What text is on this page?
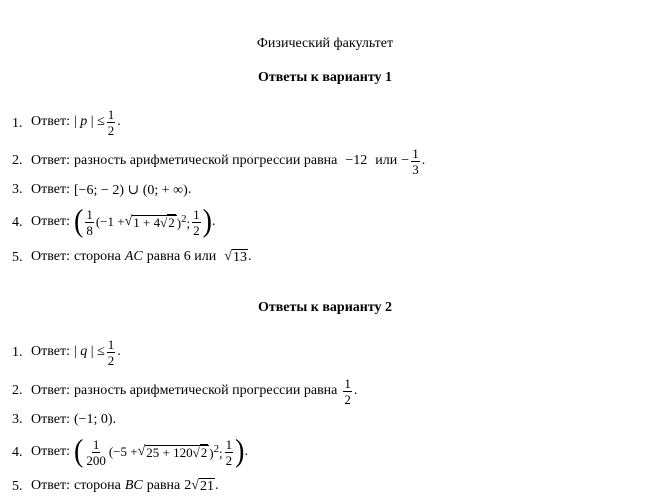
Физический факультет
Ответы к варианту 1
1. Ответ: | p | ≤ $\frac{1}{2}$ .
2. Ответ: разность арифметической прогрессии равна −12 или − $\frac{1}{3}$ .
3. Ответ: [−6; − 2) ∪ (0; + ∞) .
4. Ответ: ( $\frac{1}{8} (-1$ + √ 1 + 4√2 )$^2$; $\frac{1}{2}$ ) .
5. Ответ: сторона AC равна 6 или √ 13 .
Ответы к варианту 2
1. Ответ: | q | ≤ $\frac{1}{2}$ .
2. Ответ: разность арифметической прогрессии равна $\frac{1}{2}$ .
3. Ответ: (−1; 0) .
4. Ответ: ( $\frac{1}{200} (-5$ + √ 25 + 120√2 )$^2$; $\frac{1}{2}$ ) .
5. Ответ: сторона BC равна 2 √ 21 .
